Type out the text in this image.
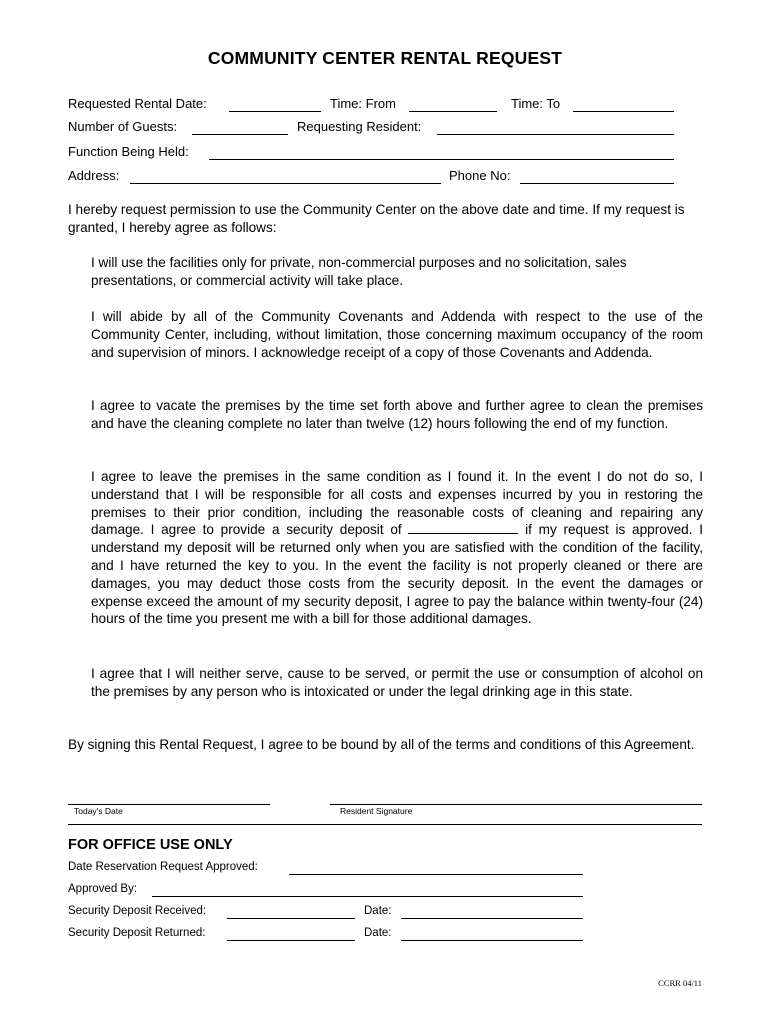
COMMUNITY CENTER RENTAL REQUEST
Requested Rental Date:	Time: From	Time: To
Number of Guests:	Requesting Resident:
Function Being Held:
Address:	Phone No:

I hereby request permission to use the Community Center on the above date and time. If my request is granted, I hereby agree as follows:

I will use the facilities only for private, non-commercial purposes and no solicitation, sales presentations, or commercial activity will take place.

I will abide by all of the Community Covenants and Addenda with respect to the use of the Community Center, including, without limitation, those concerning maximum occupancy of the room and supervision of minors. I acknowledge receipt of a copy of those Covenants and Addenda.

I agree to vacate the premises by the time set forth above and further agree to clean the premises and have the cleaning complete no later than twelve (12) hours following the end of my function.

I agree to leave the premises in the same condition as I found it. In the event I do not do so, I understand that I will be responsible for all costs and expenses incurred by you in restoring the premises to their prior condition, including the reasonable costs of cleaning and repairing any damage. I agree to provide a security deposit of	if my request is approved. I understand my deposit will be returned only when you are satisfied with the condition of the facility, and I have returned the key to you. In the event the facility is not properly cleaned or there are damages, you may deduct those costs from the security deposit. In the event the damages or expense exceed the amount of my security deposit, I agree to pay the balance within twenty-four (24) hours of the time you present me with a bill for those additional damages.

I agree that I will neither serve, cause to be served, or permit the use or consumption of alcohol on the premises by any person who is intoxicated or under the legal drinking age in this state.

By signing this Rental Request, I agree to be bound by all of the terms and conditions of this Agreement.

Today's Date	Resident Signature
FOR OFFICE USE ONLY
Date Reservation Request Approved:
Approved By:
Security Deposit Received:	Date:
Security Deposit Returned:	Date:
CCRR 04/11
